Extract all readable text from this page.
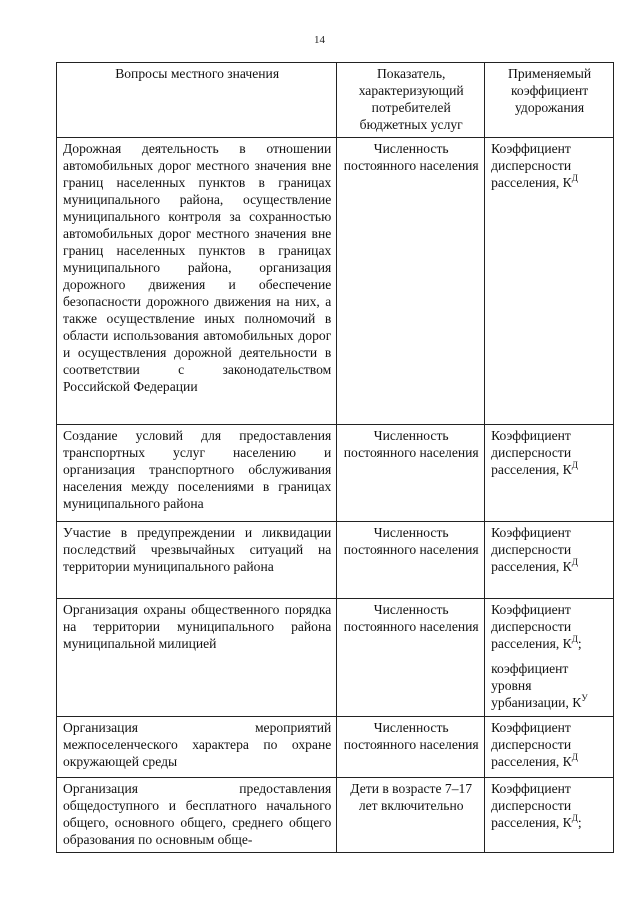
14
Вопросы местного значения	Показатель, характеризующий потребителей бюджетных услуг	Применяемый коэффициент удорожания
Дорожная деятельность в отношении автомобильных дорог местного значения вне границ населенных пунктов в границах муниципального района, осуществление муниципального контроля за сохранностью автомобильных дорог местного значения вне границ населенных пунктов в границах муниципального района, организация дорожного движения и обеспечение безопасности дорожного движения на них, а также осуществление иных полномочий в области использования автомобильных дорог и осуществления дорожной деятельности в соответствии с законодательством Российской Федерации	Численность постоянного населения	Коэффициент дисперсности расселения, $К^Д$
Создание условий для предоставления транспортных услуг населению и организация транспортного обслуживания населения между поселениями в границах муниципального района	Численность постоянного населения	Коэффициент дисперсности расселения, $К^Д$
Участие в предупреждении и ликвидации последствий чрезвычайных ситуаций на территории муниципального района	Численность постоянного населения	Коэффициент дисперсности расселения, $К^Д$
Организация охраны общественного порядка на территории муниципального района муниципальной милицией	Численность постоянного населения	Коэффициент дисперсности расселения, $К^Д$;
коэффициент уровня урбанизации, $К^У$

Организация мероприятий межпоселенческого характера по охране окружающей среды	Численность постоянного населения	Коэффициент дисперсности расселения, $К^Д$
Организация предоставления общедоступного и бесплатного начального общего, основного общего, среднего общего образования по основным обще-	Дети в возрасте 7–17 лет включительно	Коэффициент дисперсности расселения, $К^Д$;
